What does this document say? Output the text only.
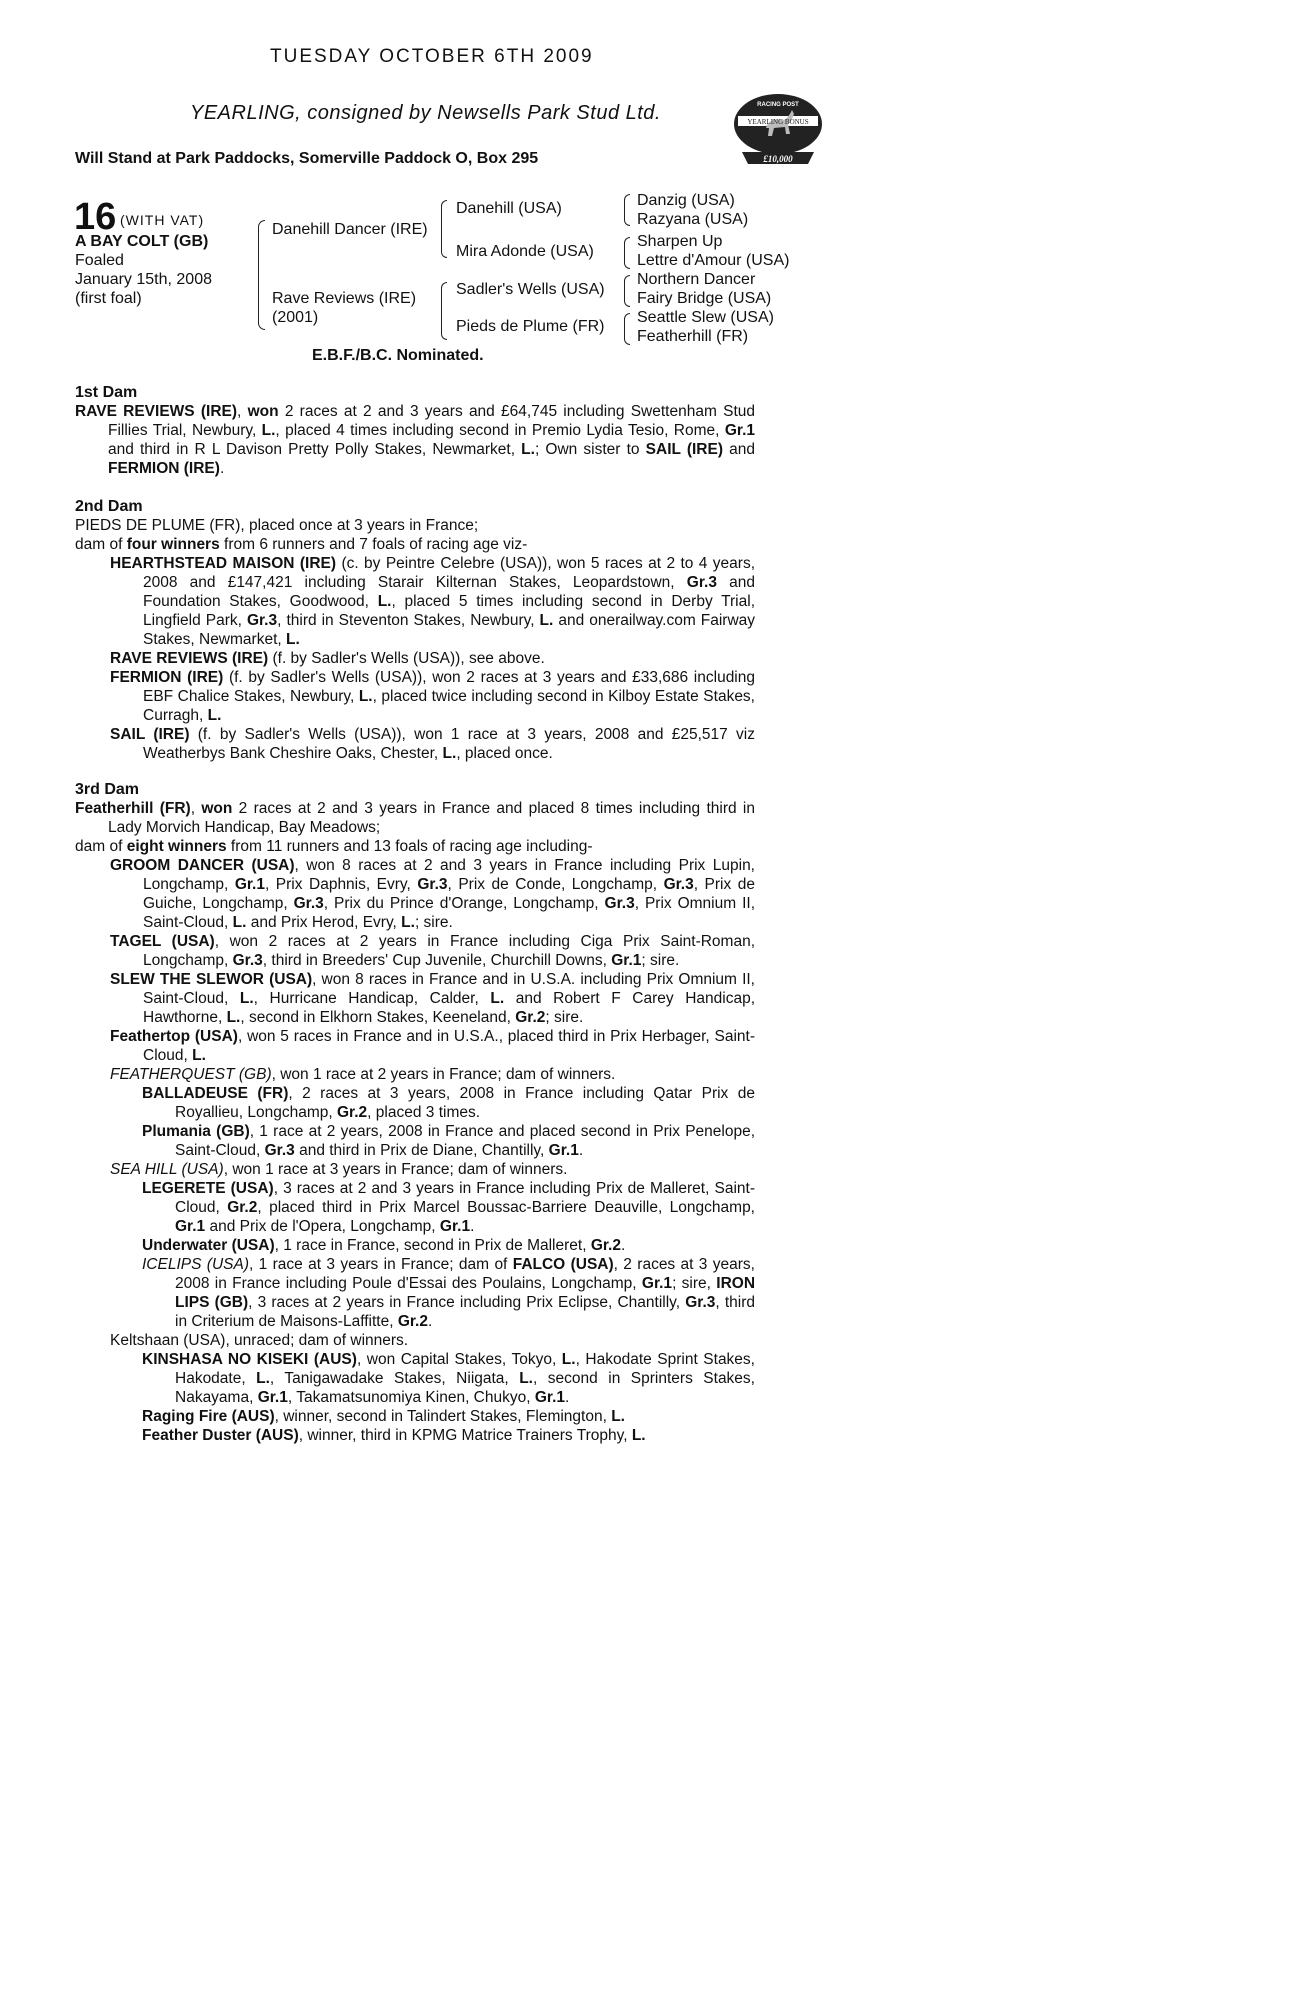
TUESDAY OCTOBER 6TH 2009
YEARLING, consigned by Newsells Park Stud Ltd.
Will Stand at Park Paddocks, Somerville Paddock O, Box 295
RACING POST
YEARLING BONUS
£10,000
16 (WITH VAT)
A BAY COLT (GB)
Foaled
January 15th, 2008
(first foal)
Danehill Dancer (IRE)
Rave Reviews (IRE)
(2001)
Danehill (USA)
Mira Adonde (USA)
Sadler's Wells (USA)
Pieds de Plume (FR)
Danzig (USA)
Razyana (USA)
Sharpen Up
Lettre d'Amour (USA)
Northern Dancer
Fairy Bridge (USA)
Seattle Slew (USA)
Featherhill (FR)
E.B.F./B.C. Nominated.

1st Dam

RAVE REVIEWS (IRE), won 2 races at 2 and 3 years and £64,745 including Swettenham Stud Fillies Trial, Newbury, L., placed 4 times including second in Premio Lydia Tesio, Rome, Gr.1 and third in R L Davison Pretty Polly Stakes, Newmarket, L.; Own sister to SAIL (IRE) and FERMION (IRE).

2nd Dam

PIEDS DE PLUME (FR), placed once at 3 years in France;

dam of four winners from 6 runners and 7 foals of racing age viz-

HEARTHSTEAD MAISON (IRE) (c. by Peintre Celebre (USA)), won 5 races at 2 to 4 years, 2008 and £147,421 including Starair Kilternan Stakes, Leopardstown, Gr.3 and Foundation Stakes, Goodwood, L., placed 5 times including second in Derby Trial, Lingfield Park, Gr.3, third in Steventon Stakes, Newbury, L. and onerailway.com Fairway Stakes, Newmarket, L.

RAVE REVIEWS (IRE) (f. by Sadler's Wells (USA)), see above.

FERMION (IRE) (f. by Sadler's Wells (USA)), won 2 races at 3 years and £33,686 including EBF Chalice Stakes, Newbury, L., placed twice including second in Kilboy Estate Stakes, Curragh, L.

SAIL (IRE) (f. by Sadler's Wells (USA)), won 1 race at 3 years, 2008 and £25,517 viz Weatherbys Bank Cheshire Oaks, Chester, L., placed once.

3rd Dam

Featherhill (FR), won 2 races at 2 and 3 years in France and placed 8 times including third in Lady Morvich Handicap, Bay Meadows;

dam of eight winners from 11 runners and 13 foals of racing age including-

GROOM DANCER (USA), won 8 races at 2 and 3 years in France including Prix Lupin, Longchamp, Gr.1, Prix Daphnis, Evry, Gr.3, Prix de Conde, Longchamp, Gr.3, Prix de Guiche, Longchamp, Gr.3, Prix du Prince d'Orange, Longchamp, Gr.3, Prix Omnium II, Saint-Cloud, L. and Prix Herod, Evry, L.; sire.

TAGEL (USA), won 2 races at 2 years in France including Ciga Prix Saint-Roman, Longchamp, Gr.3, third in Breeders' Cup Juvenile, Churchill Downs, Gr.1; sire.

SLEW THE SLEWOR (USA), won 8 races in France and in U.S.A. including Prix Omnium II, Saint-Cloud, L., Hurricane Handicap, Calder, L. and Robert F Carey Handicap, Hawthorne, L., second in Elkhorn Stakes, Keeneland, Gr.2; sire.

Feathertop (USA), won 5 races in France and in U.S.A., placed third in Prix Herbager, Saint-Cloud, L.

FEATHERQUEST (GB), won 1 race at 2 years in France; dam of winners.

BALLADEUSE (FR), 2 races at 3 years, 2008 in France including Qatar Prix de Royallieu, Longchamp, Gr.2, placed 3 times.

Plumania (GB), 1 race at 2 years, 2008 in France and placed second in Prix Penelope, Saint-Cloud, Gr.3 and third in Prix de Diane, Chantilly, Gr.1.

SEA HILL (USA), won 1 race at 3 years in France; dam of winners.

LEGERETE (USA), 3 races at 2 and 3 years in France including Prix de Malleret, Saint-Cloud, Gr.2, placed third in Prix Marcel Boussac-Barriere Deauville, Longchamp, Gr.1 and Prix de l'Opera, Longchamp, Gr.1.

Underwater (USA), 1 race in France, second in Prix de Malleret, Gr.2.

ICELIPS (USA), 1 race at 3 years in France; dam of FALCO (USA), 2 races at 3 years, 2008 in France including Poule d'Essai des Poulains, Longchamp, Gr.1; sire, IRON LIPS (GB), 3 races at 2 years in France including Prix Eclipse, Chantilly, Gr.3, third in Criterium de Maisons-Laffitte, Gr.2.

Keltshaan (USA), unraced; dam of winners.

KINSHASA NO KISEKI (AUS), won Capital Stakes, Tokyo, L., Hakodate Sprint Stakes, Hakodate, L., Tanigawadake Stakes, Niigata, L., second in Sprinters Stakes, Nakayama, Gr.1, Takamatsunomiya Kinen, Chukyo, Gr.1.

Raging Fire (AUS), winner, second in Talindert Stakes, Flemington, L.

Feather Duster (AUS), winner, third in KPMG Matrice Trainers Trophy, L.
